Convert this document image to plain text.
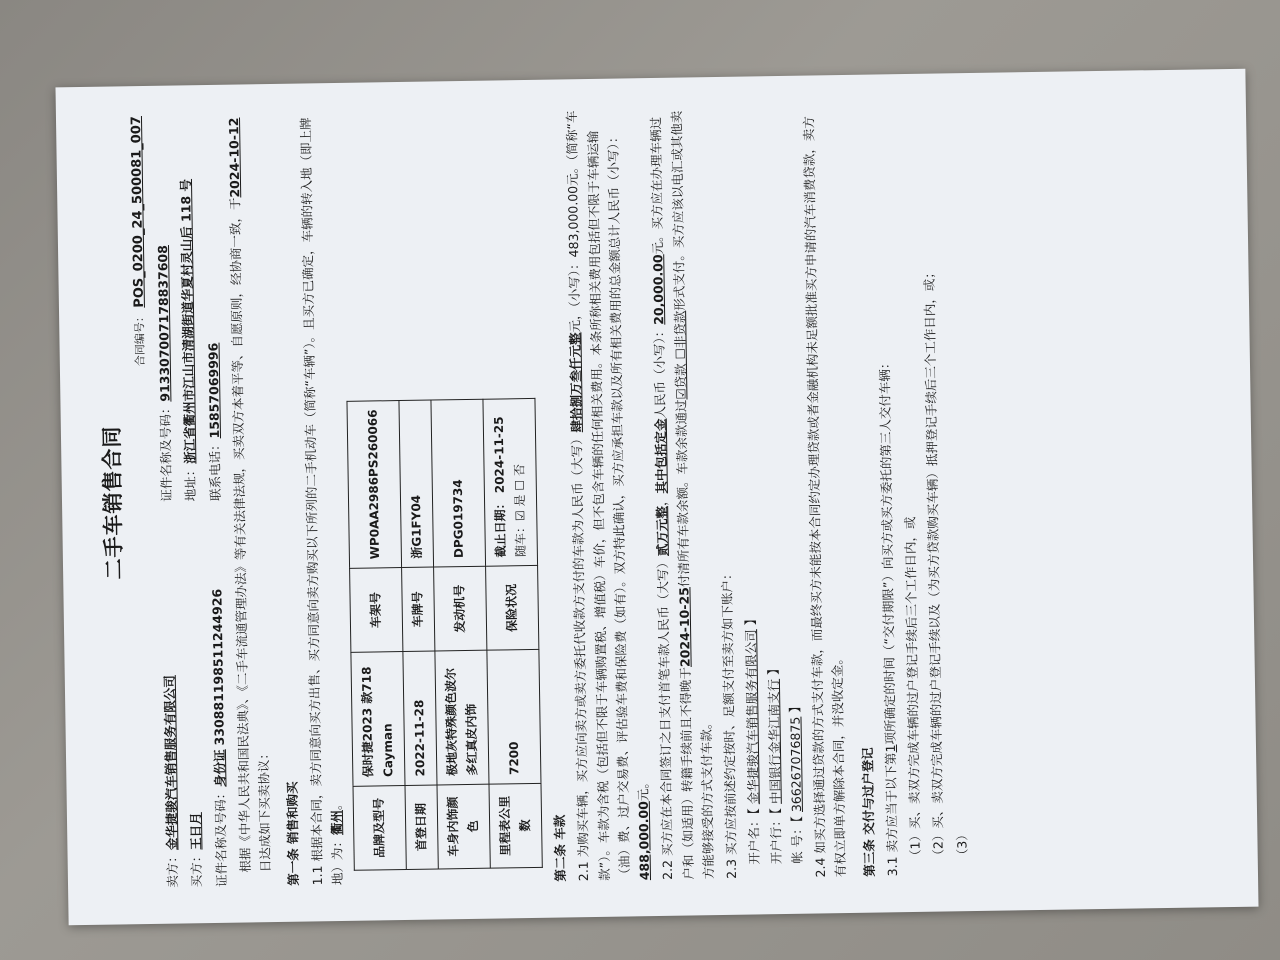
二手车销售合同
合同编号： POS_0200_24_500081_007
卖方：金华捷骏汽车销售服务有限公司
证件名称及号码：913307007178837608
买方：王日月
地址：浙江省衢州市江山市清湖街道华夏村灵山后 118 号
证件名称及号码：身份证 330881198511244926
联系电话：15857069996 根据《中华人民共和国民法典》、《二手车流通管理办法》等有关法律法规，买卖双方本着平等、自愿原则，经协商一致，于2024-10-12日达成如下买卖协议： 第一条 销售和购买

1.1 根据本合同，卖方同意向买方出售、买方同意向卖方购买以下所列的二手机动车（简称“车辆”）。且买方已确定，车辆的转入地（即上牌地）为：衢州。	品牌及型号	保时捷2023 款718 Cayman	车架号	WP0AA2986PS260066
首登日期	2022-11-28	车牌号	浙G1FY04
车身内饰颜色	极地灰特殊颜色波尔多红真皮内饰	发动机号	DPG019734
里程表公里数	7200	保险状况	截止日期： 2024-11-25 随车：☑ 是 ☐ 否
第二条 车款 2.1 为购买车辆，买方应向卖方或卖方委托代收款方支付的车款为人民币（大写）肆拾捌万叁仟元整元，（小写）：483,000.00元。（简称“车款”）。车款为含税（包括但不限于车辆购置税、增值税）车价，但不包含车辆的任何相关费用。本条所称相关费用包括但不限于车辆运输（油）费、过户交易费、评估验车费和保险费（如有）。双方特此确认，买方应承担车款以及所有相关费用的总金额总计人民币（小写）： 488,000.00元。 2.2 买方应在本合同签订之日支付首笔车款人民币（大写）贰万元整，其中包括定金人民币（小写）：20,000.00元。买方应在办理车辆过户和（如适用）转籍手续前且不得晚于2024-10-25付清所有车款余额。车款余款通过☑贷款 ☐非贷款形式支付。买方应该以电汇或其他卖方能够接受的方式支付车款。 2.3 买方应按前述约定按时、足额支付至卖方如下账户： 开户名：【 金华捷骏汽车销售服务有限公司 】
开户行：【 中国银行金华江南支行 】
帐 号：【 366267076875 】

2.4 如买方选择通过贷款的方式支付车款，而最终买方未能按本合同约定办理贷款或者金融机构未足额批准买方申请的汽车消费贷款，卖方有权立即单方解除本合同，并没收定金。 第三条 交付与过户登记 3.1 卖方应当于以下第1项所确定的时间（“交付期限”）向买方或买方委托的第三人交付车辆： （1）买、卖双方完成车辆的过户登记手续后三个工作日内，或

（2）买、卖双方完成车辆的过户登记手续以及（为买方贷款购买车辆）抵押登记手续后三个工作日内，或； （3）
